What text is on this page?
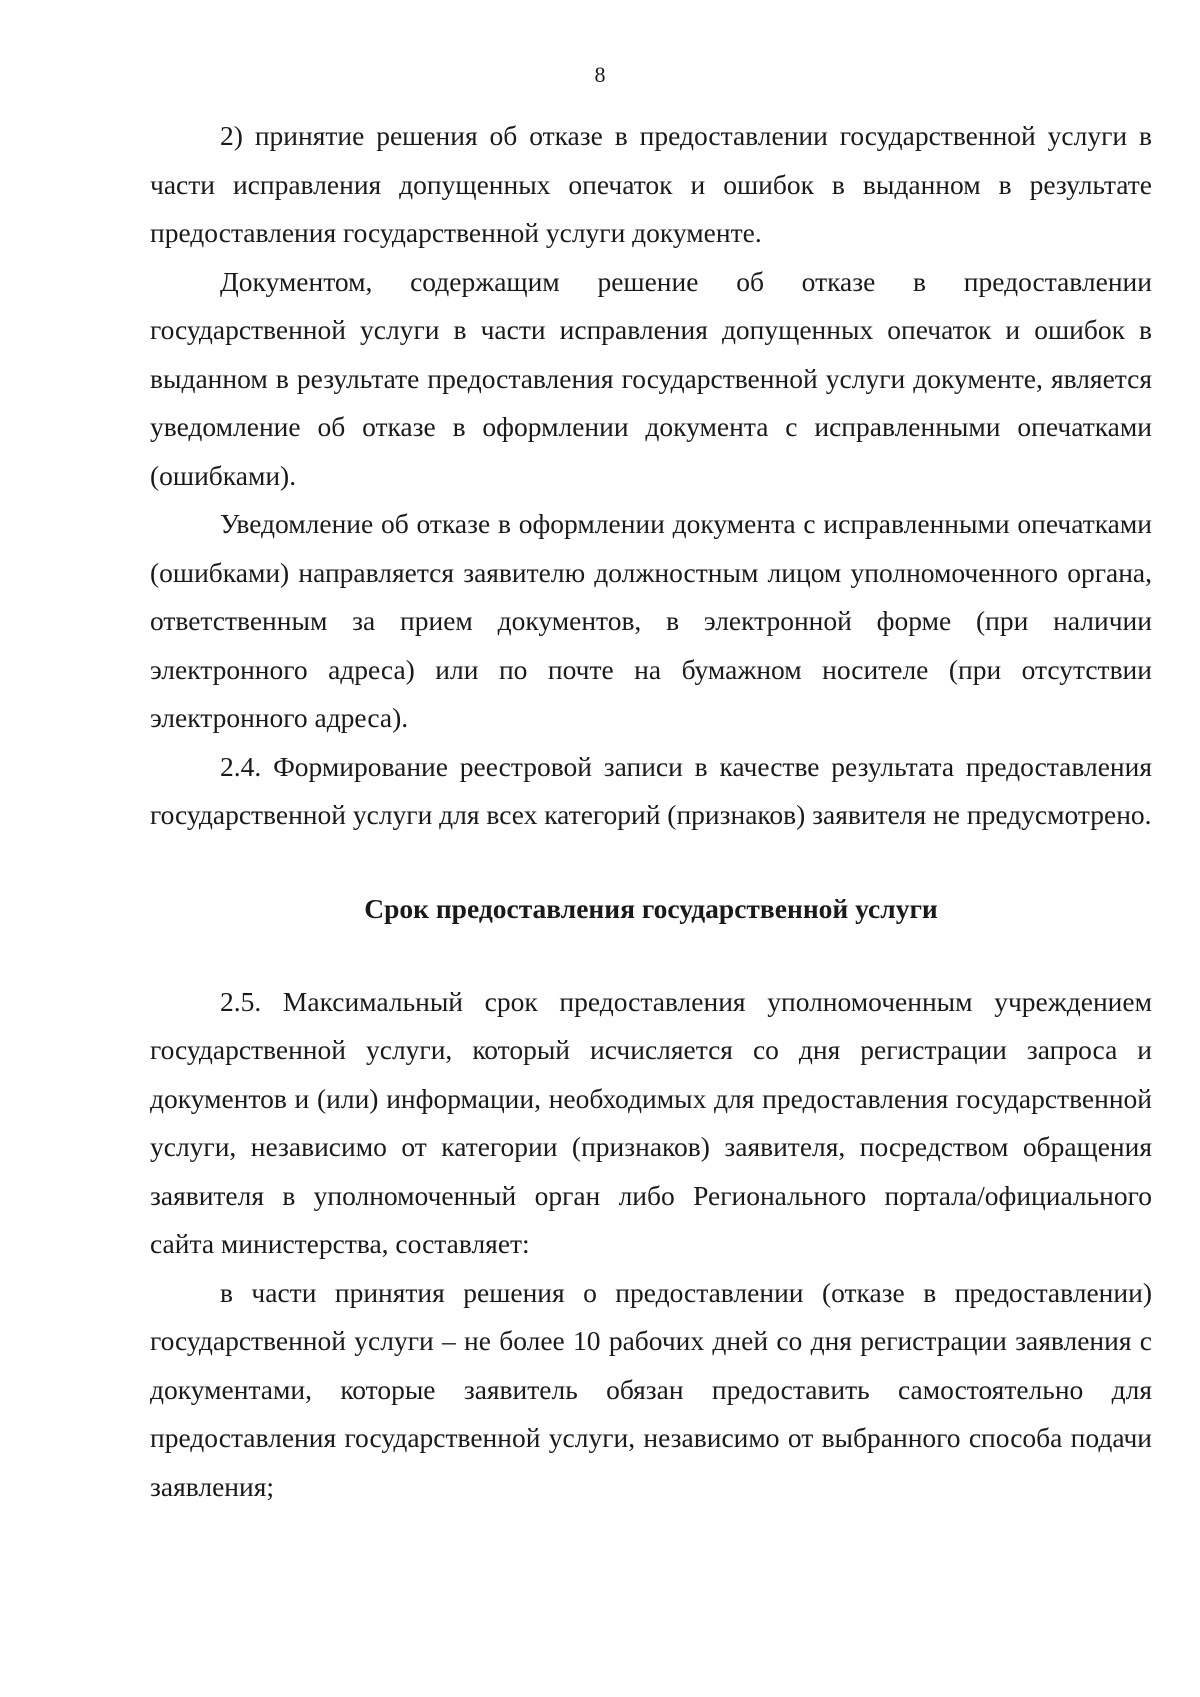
8

2) принятие решения об отказе в предоставлении государственной услуги в части исправления допущенных опечаток и ошибок в выданном в результате предоставления государственной услуги документе.

Документом, содержащим решение об отказе в предоставлении государственной услуги в части исправления допущенных опечаток и ошибок в выданном в результате предоставления государственной услуги документе, является уведомление об отказе в оформлении документа с исправленными опечатками (ошибками).

Уведомление об отказе в оформлении документа с исправленными опечатками (ошибками) направляется заявителю должностным лицом уполномоченного органа, ответственным за прием документов, в электронной форме (при наличии электронного адреса) или по почте на бумажном носителе (при отсутствии электронного адреса).

2.4. Формирование реестровой записи в качестве результата предоставления государственной услуги для всех категорий (признаков) заявителя не предусмотрено.

Срок предоставления государственной услуги

2.5. Максимальный срок предоставления уполномоченным учреждением государственной услуги, который исчисляется со дня регистрации запроса и документов и (или) информации, необходимых для предоставления государственной услуги, независимо от категории (признаков) заявителя, посредством обращения заявителя в уполномоченный орган либо Регионального портала/официального сайта министерства, составляет:

в части принятия решения о предоставлении (отказе в предоставлении) государственной услуги – не более 10 рабочих дней со дня регистрации заявления с документами, которые заявитель обязан предоставить самостоятельно для предоставления государственной услуги, независимо от выбранного способа подачи заявления;
